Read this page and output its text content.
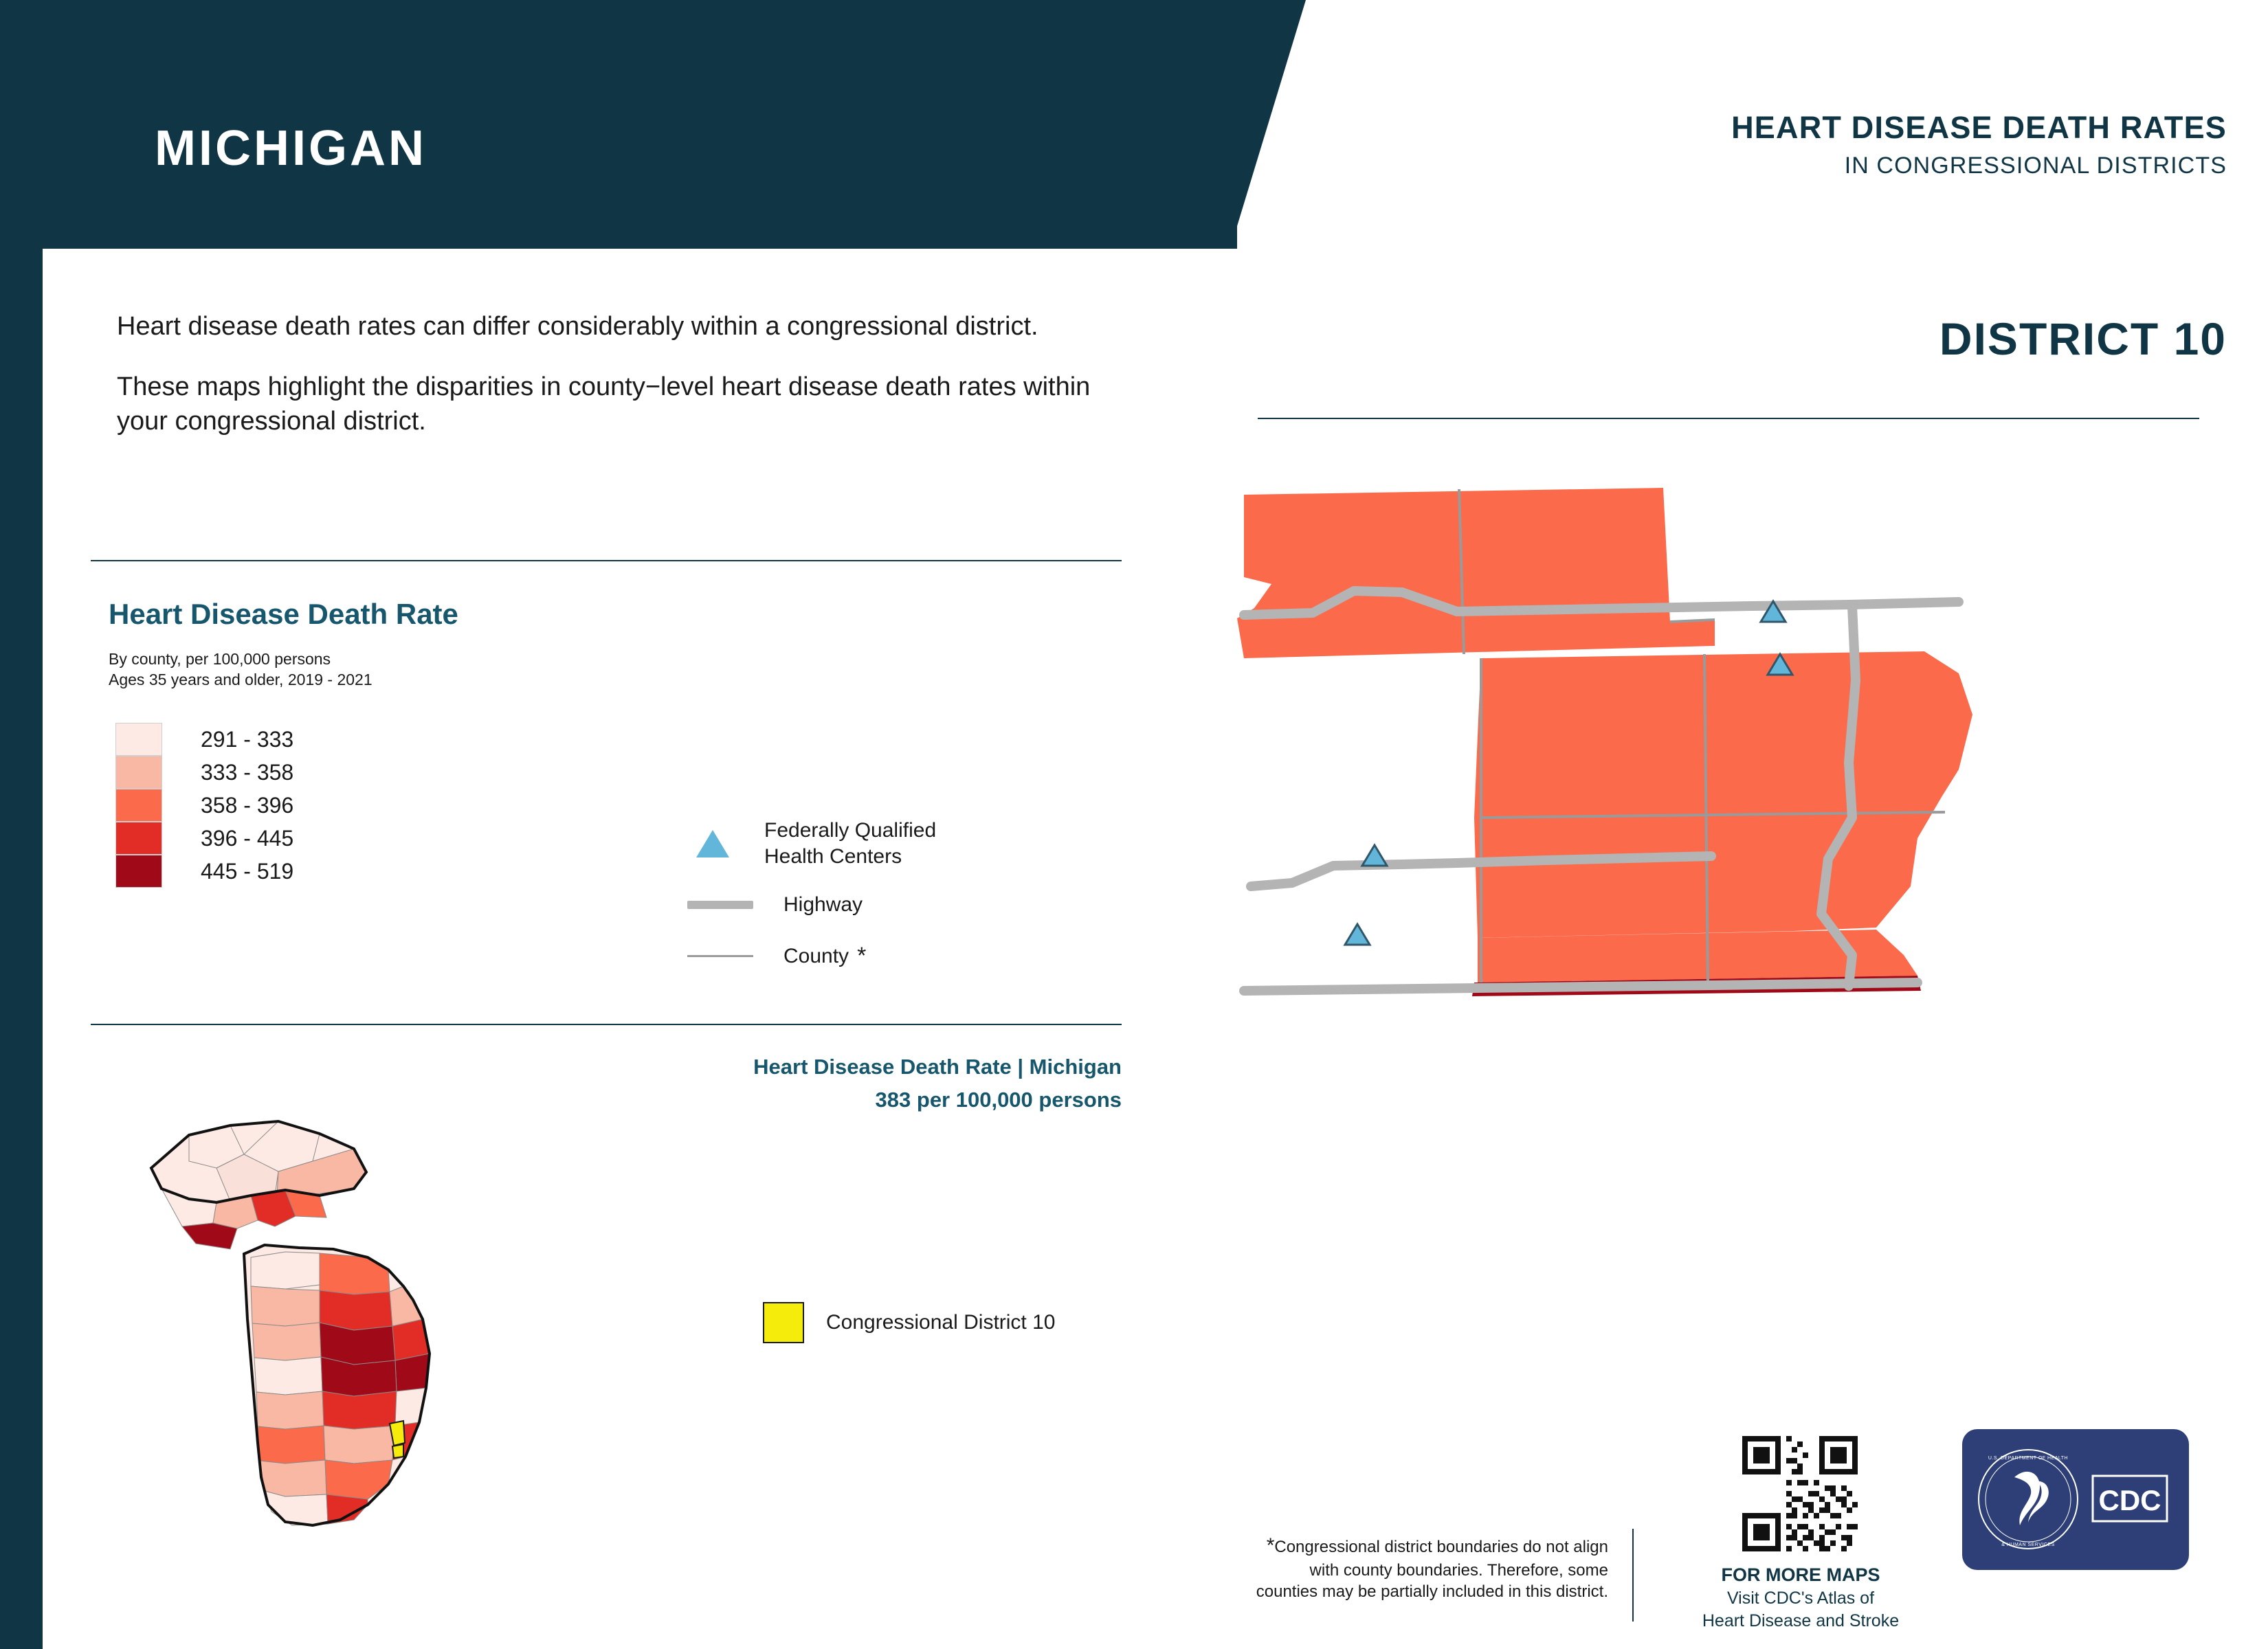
MICHIGAN	HEART DISEASE DEATH RATES
IN CONGRESSIONAL DISTRICTS

Heart disease death rates can differ considerably within a congressional district.

These maps highlight the disparities in county−level heart disease death rates within your congressional district.

Heart Disease Death Rate
By county, per 100,000 persons
Ages 35 years and older, 2019 - 2021
291 - 333
333 - 358
358 - 396
396 - 445
445 - 519
Federally Qualified
Health Centers
Highway
County *
Heart Disease Death Rate | Michigan
383 per 100,000 persons
Congressional District 10
DISTRICT 10
*Congressional district boundaries do not align
with county boundaries. Therefore, some
counties may be partially included in this district.
FOR MORE MAPS
Visit CDC's Atlas of
Heart Disease and Stroke
U.S. DEPARTMENT OF HEALTH
& HUMAN SERVICES
CDC
